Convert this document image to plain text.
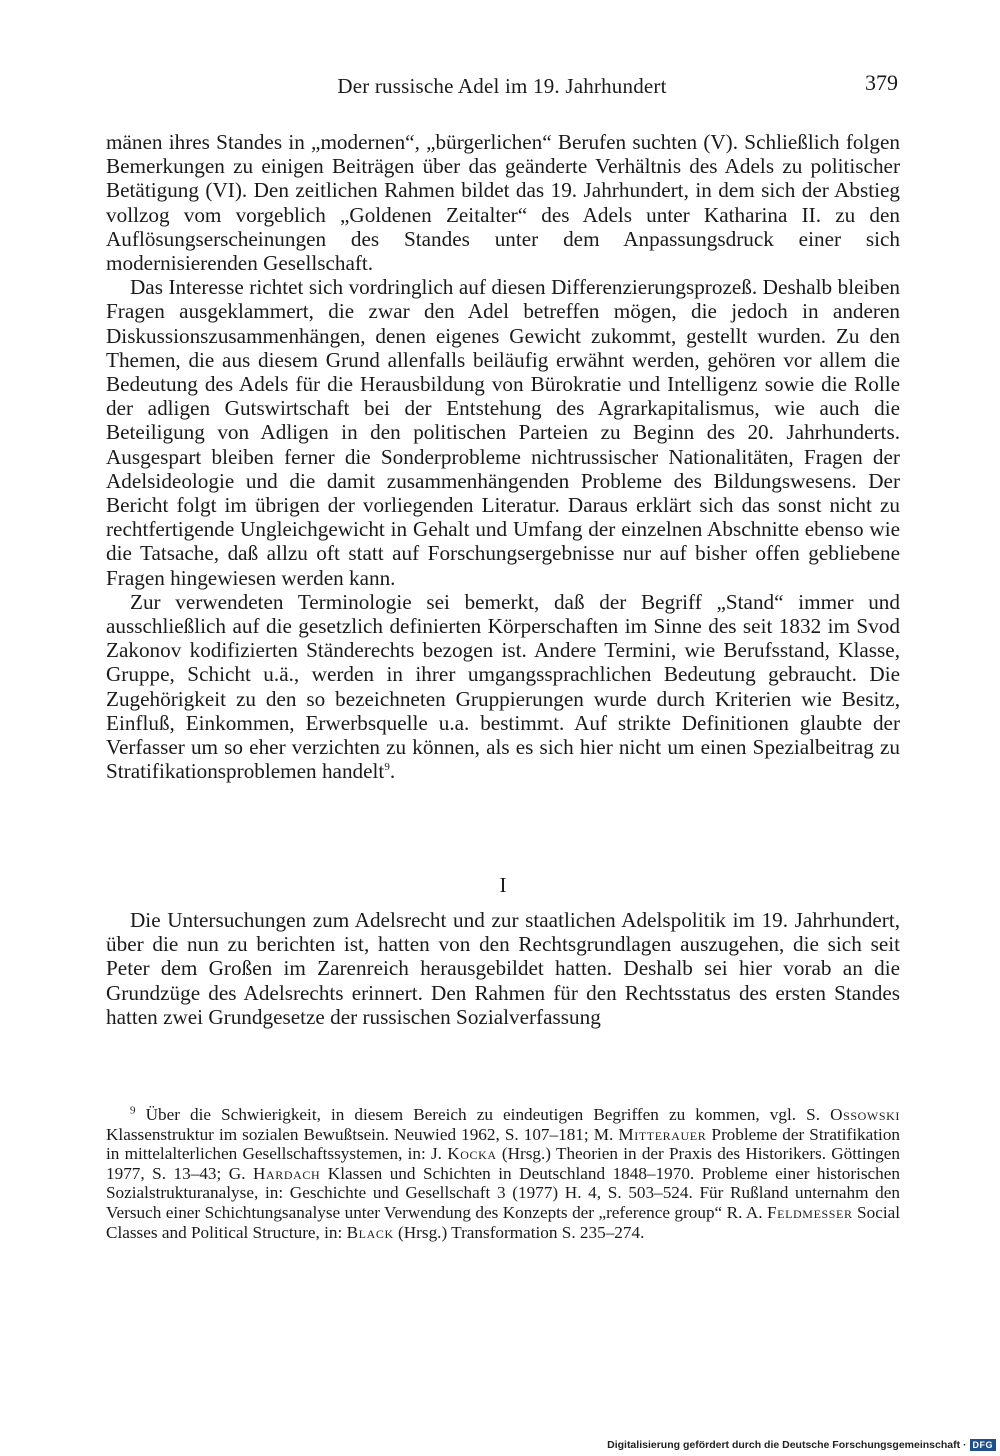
Der russische Adel im 19. Jahrhundert	379

mänen ihres Standes in „modernen“, „bürgerlichen“ Berufen suchten (V). Schließlich folgen Bemerkungen zu einigen Beiträgen über das geänderte Verhältnis des Adels zu politischer Betätigung (VI). Den zeitlichen Rahmen bildet das 19. Jahrhundert, in dem sich der Abstieg vollzog vom vorgeblich „Goldenen Zeitalter“ des Adels unter Katharina II. zu den Auflösungserscheinungen des Standes unter dem Anpassungsdruck einer sich modernisierenden Gesellschaft.

Das Interesse richtet sich vordringlich auf diesen Differenzierungsprozeß. Deshalb bleiben Fragen ausgeklammert, die zwar den Adel betreffen mögen, die jedoch in anderen Diskussionszusammenhängen, denen eigenes Gewicht zukommt, gestellt wurden. Zu den Themen, die aus diesem Grund allenfalls beiläufig erwähnt werden, gehören vor allem die Bedeutung des Adels für die Herausbildung von Bürokratie und Intelligenz sowie die Rolle der adligen Gutswirtschaft bei der Entstehung des Agrarkapitalismus, wie auch die Beteiligung von Adligen in den politischen Parteien zu Beginn des 20. Jahrhunderts. Ausgespart bleiben ferner die Sonderprobleme nichtrussischer Nationalitäten, Fragen der Adelsideologie und die damit zusammenhängenden Probleme des Bildungswesens. Der Bericht folgt im übrigen der vorliegenden Literatur. Daraus erklärt sich das sonst nicht zu rechtfertigende Ungleichgewicht in Gehalt und Umfang der einzelnen Abschnitte ebenso wie die Tatsache, daß allzu oft statt auf Forschungsergebnisse nur auf bisher offen gebliebene Fragen hingewiesen werden kann.

Zur verwendeten Terminologie sei bemerkt, daß der Begriff „Stand“ immer und ausschließlich auf die gesetzlich definierten Körperschaften im Sinne des seit 1832 im Svod Zakonov kodifizierten Ständerechts bezogen ist. Andere Termini, wie Berufsstand, Klasse, Gruppe, Schicht u.ä., werden in ihrer umgangssprachlichen Bedeutung gebraucht. Die Zugehörigkeit zu den so bezeichneten Gruppierungen wurde durch Kriterien wie Besitz, Einfluß, Einkommen, Erwerbsquelle u.a. bestimmt. Auf strikte Definitionen glaubte der Verfasser um so eher verzichten zu können, als es sich hier nicht um einen Spezialbeitrag zu Stratifikationsproblemen handelt$^9$.

I

Die Untersuchungen zum Adelsrecht und zur staatlichen Adelspolitik im 19. Jahrhundert, über die nun zu berichten ist, hatten von den Rechtsgrundlagen auszugehen, die sich seit Peter dem Großen im Zarenreich herausgebildet hatten. Deshalb sei hier vorab an die Grundzüge des Adelsrechts erinnert. Den Rahmen für den Rechtsstatus des ersten Standes hatten zwei Grundgesetze der russischen Sozialverfassung

$^9$ Über die Schwierigkeit, in diesem Bereich zu eindeutigen Begriffen zu kommen, vgl. S. Ossowski Klassenstruktur im sozialen Bewußtsein. Neuwied 1962, S. 107–181; M. Mitterauer Probleme der Stratifikation in mittelalterlichen Gesellschaftssystemen, in: J. Kocka (Hrsg.) Theorien in der Praxis des Historikers. Göttingen 1977, S. 13–43; G. Hardach Klassen und Schichten in Deutschland 1848–1970. Probleme einer historischen Sozialstrukturanalyse, in: Geschichte und Gesellschaft 3 (1977) H. 4, S. 503–524. Für Rußland unternahm den Versuch einer Schichtungsanalyse unter Verwendung des Konzepts der „reference group“ R. A. Feldmesser Social Classes and Political Structure, in: Black (Hrsg.) Transformation S. 235–274.
Digitalisierung gefördert durch die Deutsche Forschungsgemeinschaft · DFG
